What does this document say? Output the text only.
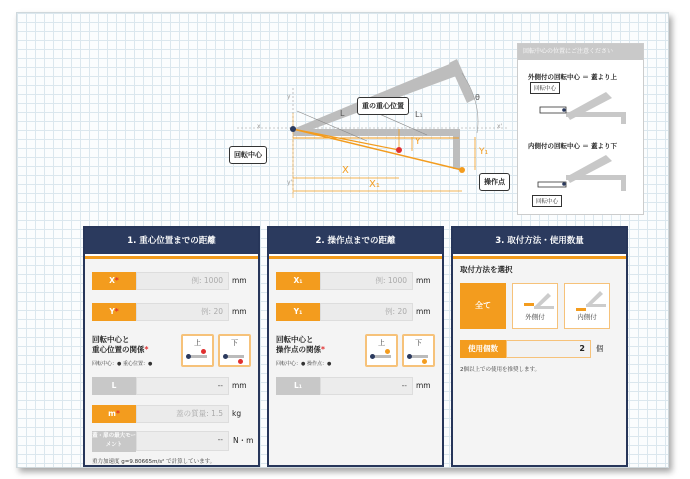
回転中心
重の重心位置
操作点
L	L₁
θ
X
X₁
Y
Y₁
x
y
y'
x'
回転中心の位置にご注意ください
外側付の回転中心 ＝ 蓋より上
回転中心
内側付の回転中心 ＝ 蓋より下
回転中心
1. 重心位置までの距離
X*	例: 1000	mm
Y*	例: 20	mm
回転中心と
重心位置の関係*
回転中心：● 重心位置：●
上	下
L	--	mm
m*	蓋の質量: 1.5	kg
蓋・扉の最大モーメント
--	N・m
重力加速度 g=9.80665m/s² で計算しています。
2. 操作点までの距離
X₁	例: 1000	mm
Y₁	例: 20	mm
回転中心と
操作点の関係*
回転中心：● 操作点：●
上	下
L₁	--	mm
3. 取付方法・使用数量
取付方法を選択
全て
外側付	内側付
使用個数	2	個
2個以上での使用を推奨します。
